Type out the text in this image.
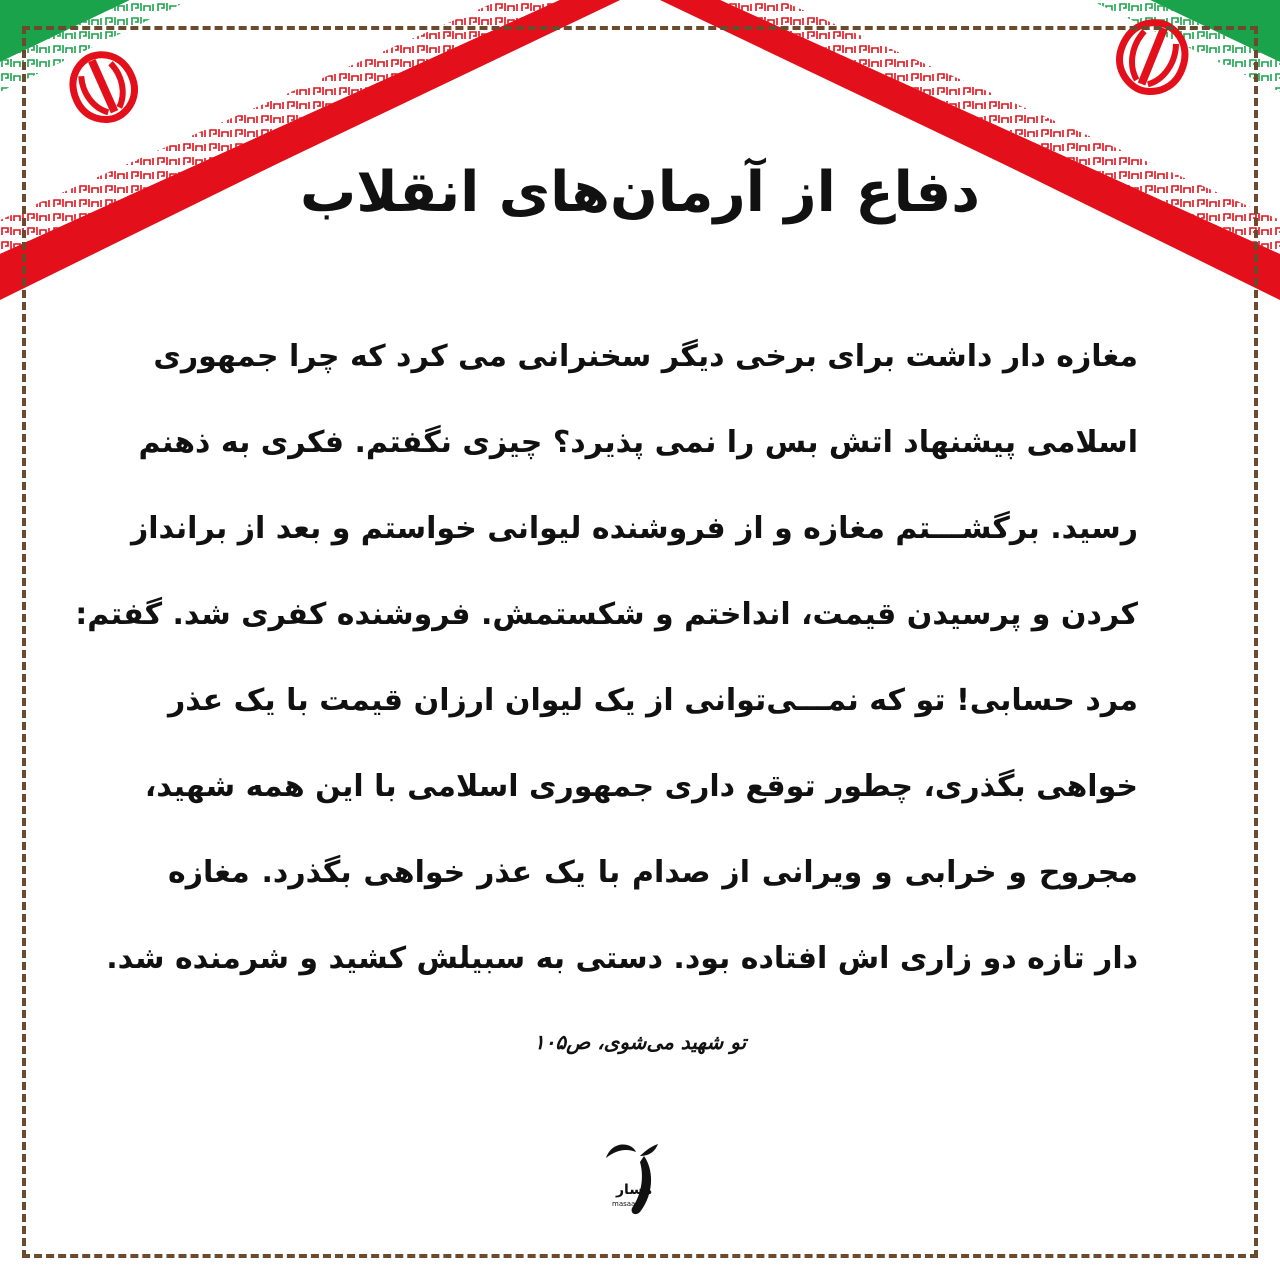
دفاع از آرمان‌های انقلاب
مغازه دار داشت برای برخی دیگر سخنرانی می کرد که چرا جمهوری
اسلامی پیشنهاد اتش بس را نمی پذیرد؟ چیزی نگفتم. فکری به ذهنم
رسید. برگشـــتم مغازه و از فروشنده لیوانی خواستم و بعد از برانداز
کردن و پرسیدن قیمت، انداختم و شکستمش. فروشنده کفری شد. گفتم:
مرد حسابی! تو که نمـــی‌توانی از یک لیوان ارزان قیمت با یک عذر
خواهی بگذری، چطور توقع داری جمهوری اسلامی با این همه شهید،
مجروح و خرابی و ویرانی از صدام با یک عذر خواهی بگذرد. مغازه
دار تازه دو زاری اش افتاده بود. دستی به سبیلش کشید و شرمنده شد.
تو شهید می‌شوی، ص۱۰۵
مسار
masaar.ir
